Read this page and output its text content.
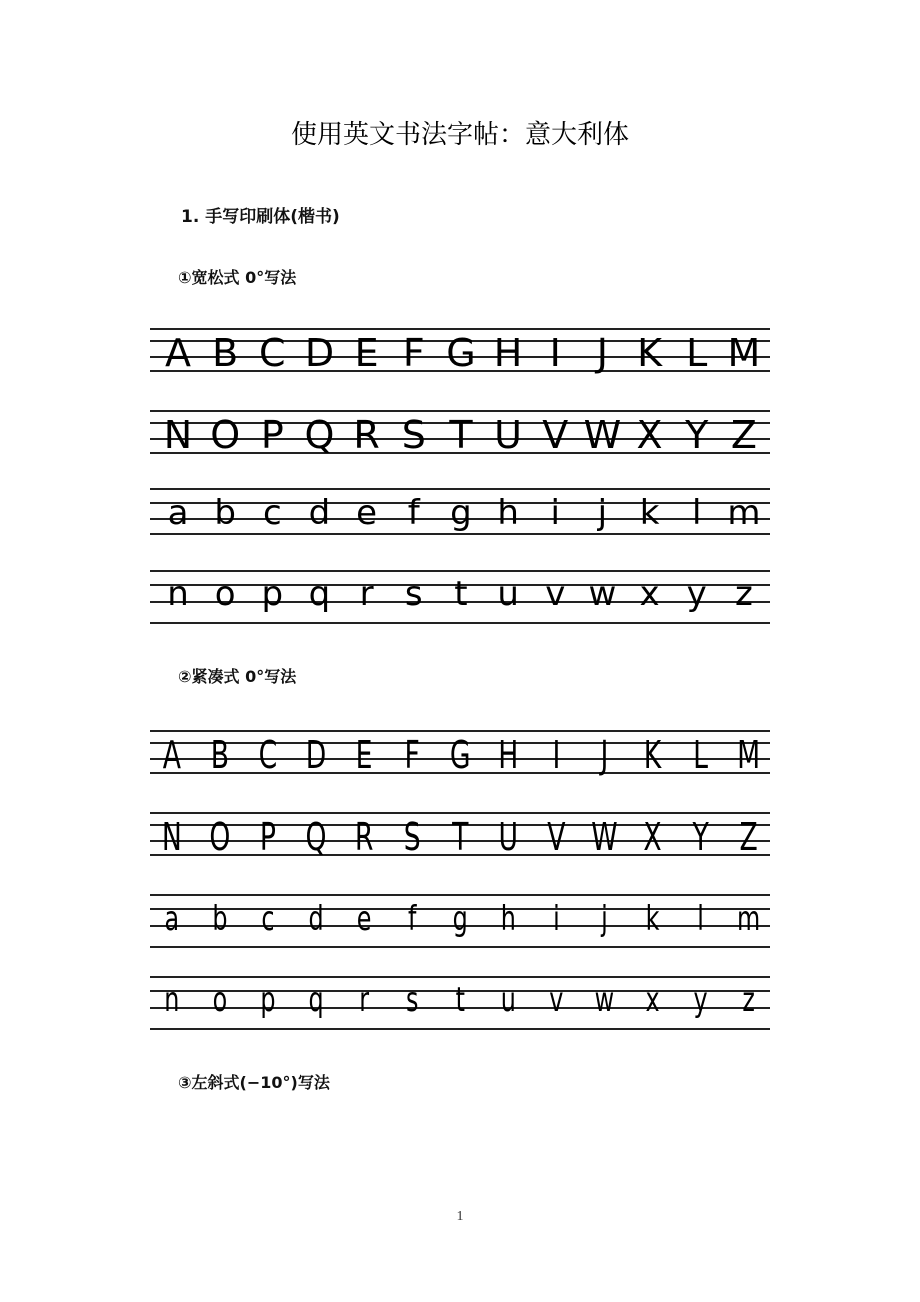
使用英文书法字帖：意大利体
1. 手写印刷体(楷书)
①宽松式 0°写法
A B C D E F G H I J K L M
N O P Q R S T U V W X Y Z
a b c d e f g h i	j k l m
n o p q r s t u v w x y z
②紧凑式 0°写法
A B C D E F G H I	J K L M
N O P Q R S T U V W X Y Z
a b c d e	f	g h	i	j	k	l m
n o p q	r	s	t	u v w x y z
③左斜式(−10°)写法
1
